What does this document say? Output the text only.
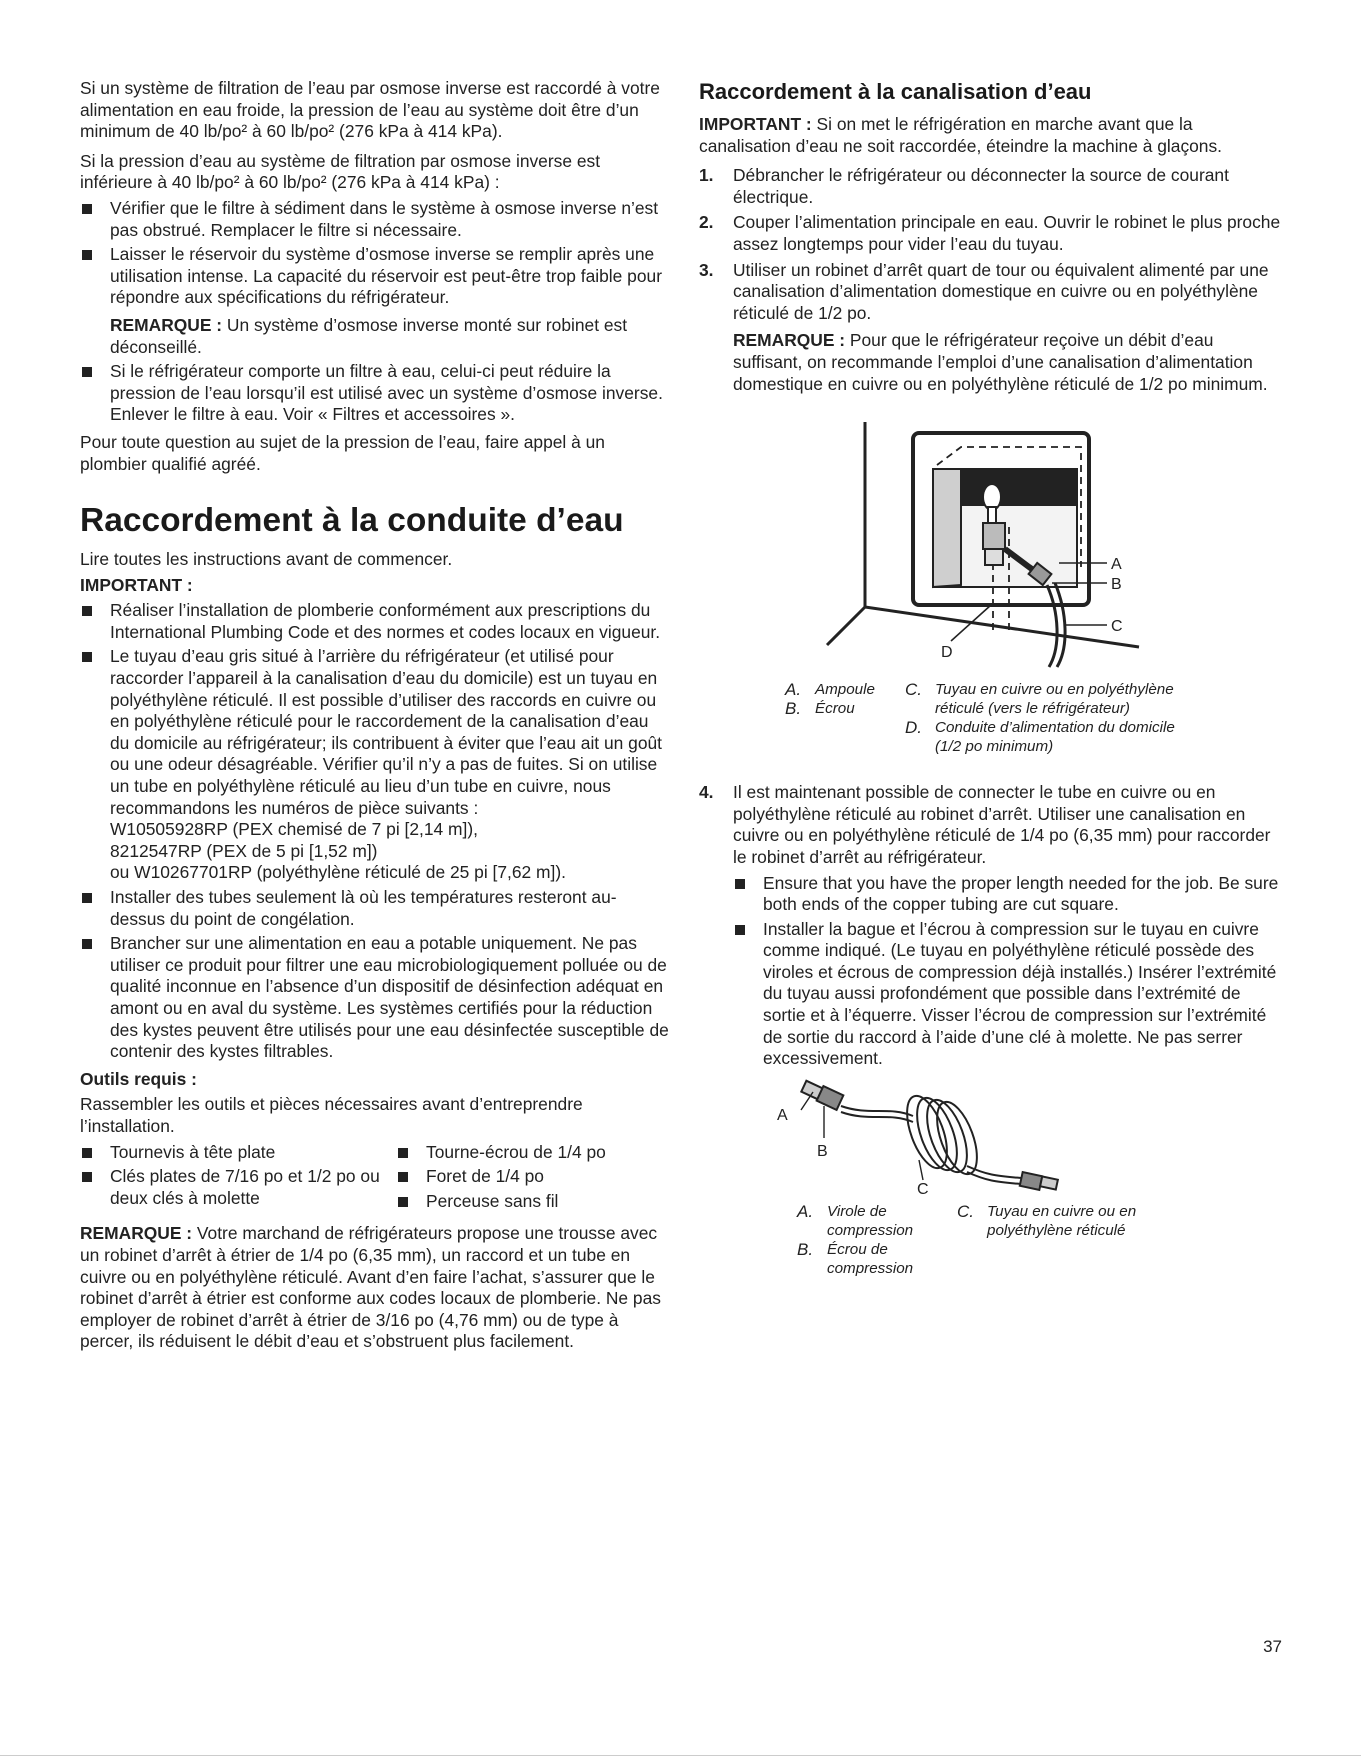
Si un système de filtration de l’eau par osmose inverse est raccordé à votre alimentation en eau froide, la pression de l’eau au système doit être d’un minimum de 40 lb/po² à 60 lb/po² (276 kPa à 414 kPa).

Si la pression d’eau au système de filtration par osmose inverse est inférieure à 40 lb/po² à 60 lb/po² (276 kPa à 414 kPa) :

Vérifier que le filtre à sédiment dans le système à osmose inverse n’est pas obstrué. Remplacer le filtre si nécessaire.
Laisser le réservoir du système d’osmose inverse se remplir après une utilisation intense. La capacité du réservoir est peut-être trop faible pour répondre aux spécifications du réfrigérateur.
REMARQUE : Un système d’osmose inverse monté sur robinet est déconseillé.
Si le réfrigérateur comporte un filtre à eau, celui-ci peut réduire la pression de l’eau lorsqu’il est utilisé avec un système d’osmose inverse. Enlever le filtre à eau. Voir « Filtres et accessoires ».

Pour toute question au sujet de la pression de l’eau, faire appel à un plombier qualifié agréé.

Raccordement à la conduite d’eau

Lire toutes les instructions avant de commencer.

IMPORTANT :
Réaliser l’installation de plomberie conformément aux prescriptions du International Plumbing Code et des normes et codes locaux en vigueur.
Le tuyau d’eau gris situé à l’arrière du réfrigérateur (et utilisé pour raccorder l’appareil à la canalisation d’eau du domicile) est un tuyau en polyéthylène réticulé. Il est possible d’utiliser des raccords en cuivre ou en polyéthylène réticulé pour le raccordement de la canalisation d’eau du domicile au réfrigérateur; ils contribuent à éviter que l’eau ait un goût ou une odeur désagréable. Vérifier qu’il n’y a pas de fuites. Si on utilise un tube en polyéthylène réticulé au lieu d’un tube en cuivre, nous recommandons les numéros de pièce suivants :
W10505928RP (PEX chemisé de 7 pi [2,14 m]),
8212547RP (PEX de 5 pi [1,52 m])
ou W10267701RP (polyéthylène réticulé de 25 pi [7,62 m]).
Installer des tubes seulement là où les températures resteront au-dessus du point de congélation.
Brancher sur une alimentation en eau a potable uniquement. Ne pas utiliser ce produit pour filtrer une eau microbiologiquement polluée ou de qualité inconnue en l’absence d’un dispositif de désinfection adéquat en amont ou en aval du système. Les systèmes certifiés pour la réduction des kystes peuvent être utilisés pour une eau désinfectée susceptible de contenir des kystes filtrables.
Outils requis :

Rassembler les outils et pièces nécessaires avant d’entreprendre l’installation.

Tournevis à tête plate
Clés plates de 7/16 po et 1/2 po ou deux clés à molette
Tourne-écrou de 1/4 po
Foret de 1/4 po
Perceuse sans fil

REMARQUE : Votre marchand de réfrigérateurs propose une trousse avec un robinet d’arrêt à étrier de 1/4 po (6,35 mm), un raccord et un tube en cuivre ou en polyéthylène réticulé. Avant d’en faire l’achat, s’assurer que le robinet d’arrêt à étrier est conforme aux codes locaux de plomberie. Ne pas employer de robinet d’arrêt à étrier de 3/16 po (4,76 mm) ou de type à percer, ils réduisent le débit d’eau et s’obstruent plus facilement.

Raccordement à la canalisation d’eau

IMPORTANT : Si on met le réfrigération en marche avant que la canalisation d’eau ne soit raccordée, éteindre la machine à glaçons.

1. Débrancher le réfrigérateur ou déconnecter la source de courant électrique.
2. Couper l’alimentation principale en eau. Ouvrir le robinet le plus proche assez longtemps pour vider l’eau du tuyau.
3. Utiliser un robinet d’arrêt quart de tour ou équivalent alimenté par une canalisation d’alimentation domestique en cuivre ou en polyéthylène réticulé de 1/2 po.
REMARQUE : Pour que le réfrigérateur reçoive un débit d’eau suffisant, on recommande l’emploi d’une canalisation d’alimentation domestique en cuivre ou en polyéthylène réticulé de 1/2 po minimum.
A
B
C
D
A. Ampoule
B. Écrou
C. Tuyau en cuivre ou en polyéthylène réticulé (vers le réfrigérateur)
D. Conduite d’alimentation du domicile (1/2 po minimum)
4. Il est maintenant possible de connecter le tube en cuivre ou en polyéthylène réticulé au robinet d’arrêt. Utiliser une canalisation en cuivre ou en polyéthylène réticulé de 1/4 po (6,35 mm) pour raccorder le robinet d’arrêt au réfrigérateur.
Ensure that you have the proper length needed for the job. Be sure both ends of the copper tubing are cut square.
Installer la bague et l’écrou à compression sur le tuyau en cuivre comme indiqué. (Le tuyau en polyéthylène réticulé possède des viroles et écrous de compression déjà installés.) Insérer l’extrémité du tuyau aussi profondément que possible dans l’extrémité de sortie et à l’équerre. Visser l’écrou de compression sur l’extrémité de sortie du raccord à l’aide d’une clé à molette. Ne pas serrer excessivement.
A
B
C
A. Virole de compression
B. Écrou de compression
C. Tuyau en cuivre ou en polyéthylène réticulé
37
